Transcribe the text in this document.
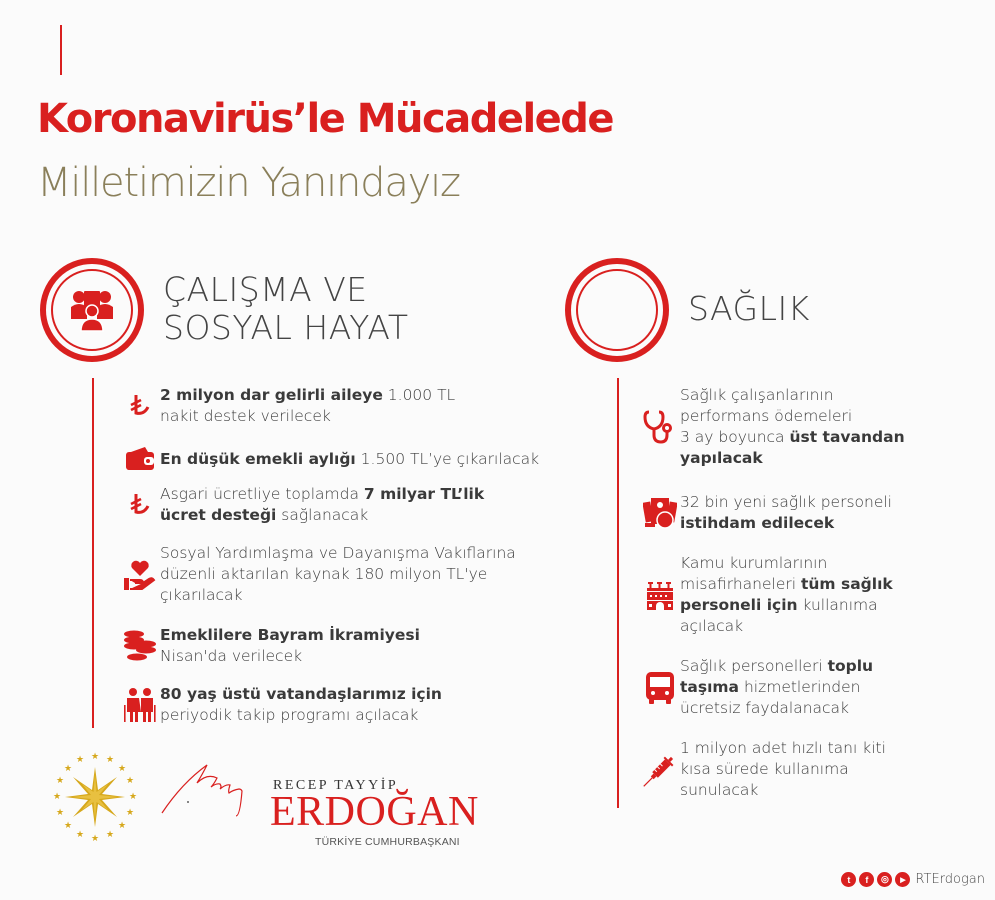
Koronavirüs’le Mücadelede
Milletimizin Yanındayız
ÇALIŞMA VE
SOSYAL HAYAT
2 milyon dar gelirli aileye 1.000 TL
nakit destek verilecek
En düşük emekli aylığı 1.500 TL’ye çıkarılacak
Asgari ücretliye toplamda 7 milyar TL’lik
ücret desteği sağlanacak
Sosyal Yardımlaşma ve Dayanışma Vakıflarına
düzenli aktarılan kaynak 180 milyon TL'ye
çıkarılacak
Emeklilere Bayram İkramiyesi
Nisan'da verilecek
80 yaş üstü vatandaşlarımız için
periyodik takip programı açılacak
SAĞLIK
Sağlık çalışanlarının
performans ödemeleri
3 ay boyunca üst tavandan
yapılacak
32 bin yeni sağlık personeli
istihdam edilecek
Kamu kurumlarının
misafirhaneleri tüm sağlık
personeli için kullanıma
açılacak
Sağlık personelleri toplu
taşıma hizmetlerinden
ücretsiz faydalanacak
1 milyon adet hızlı tanı kiti
kısa sürede kullanıma
sunulacak
★ ★
★
★
★
★
★
★
★
★
★
★
★
★
★
★
RECEP TAYYİP
ERDOĞAN
TÜRKİYE CUMHURBAŞKANI
t	f	◎	▶ RTErdogan
